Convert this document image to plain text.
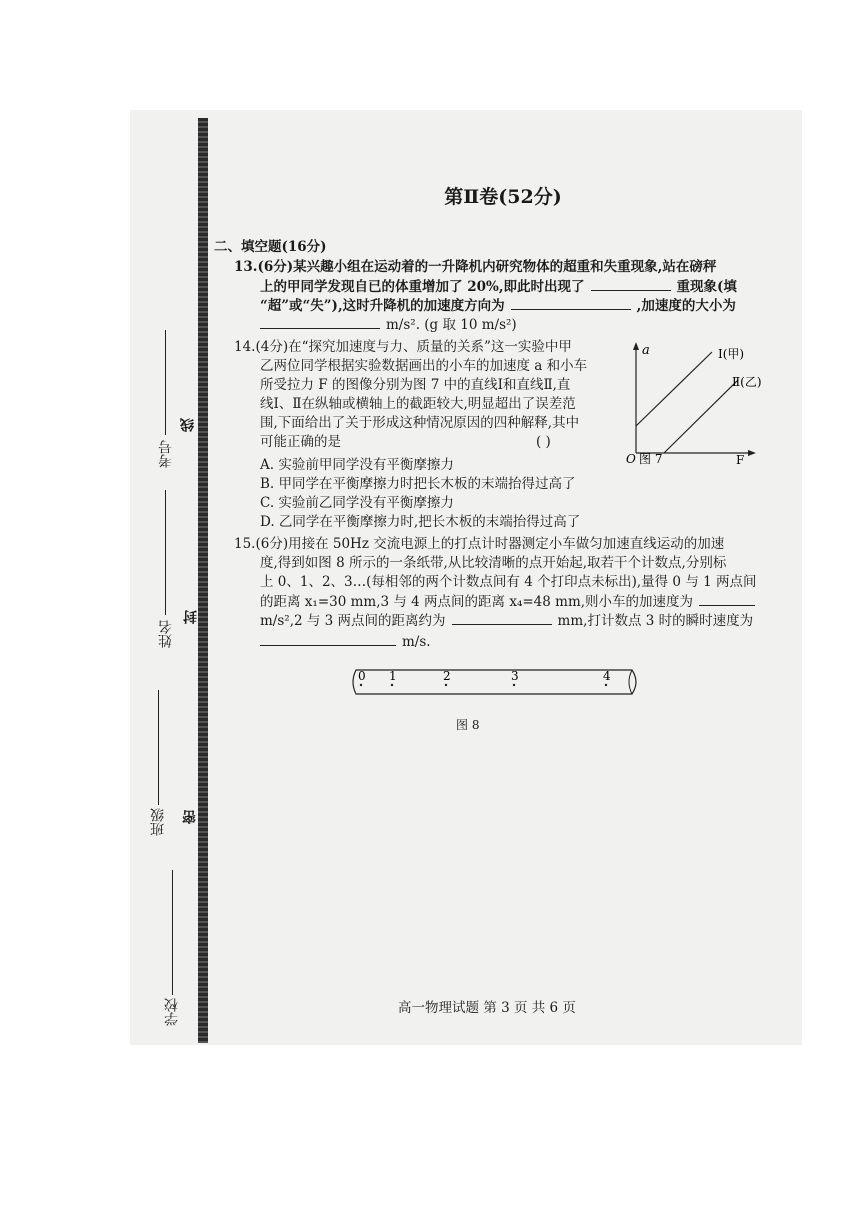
考号
姓名
班级
学校
线
封
密
第Ⅱ卷(52分)
二、填空题(16分)
13.(6分)某兴趣小组在运动着的一升降机内研究物体的超重和失重现象,站在磅秤
上的甲同学发现自已的体重增加了 20%,即此时出现了	重现象(填
“超”或“失”),这时升降机的加速度方向为	,加速度的大小为
m/s². (g 取 10 m/s²)
14.(4分)在“探究加速度与力、质量的关系”这一实验中甲
乙两位同学根据实验数据画出的小车的加速度 a 和小车
所受拉力 F 的图像分别为图 7 中的直线Ⅰ和直线Ⅱ,直
线Ⅰ、Ⅱ在纵轴或横轴上的截距较大,明显超出了误差范
围,下面给出了关于形成这种情况原因的四种解释,其中
可能正确的是	( )
A. 实验前甲同学没有平衡摩擦力
B. 甲同学在平衡摩擦力时把长木板的末端抬得过高了
C. 实验前乙同学没有平衡摩擦力
D. 乙同学在平衡摩擦力时,把长木板的末端抬得过高了
a	Ⅰ(甲)
Ⅱ(乙)
O 图 7	F
15.(6分)用接在 50Hz 交流电源上的打点计时器测定小车做匀加速直线运动的加速
度,得到如图 8 所示的一条纸带,从比较清晰的点开始起,取若干个计数点,分别标
上 0、1、2、3…(每相邻的两个计数点间有 4 个打印点未标出),量得 0 与 1 两点间
的距离 x₁=30 mm,3 与 4 两点间的距离 x₄=48 mm,则小车的加速度为
m/s²,2 与 3 两点间的距离约为	mm,打计数点 3 时的瞬时速度为
m/s.
0 1	2	3	4
图 8
高一物理试题 第 3 页 共 6 页
